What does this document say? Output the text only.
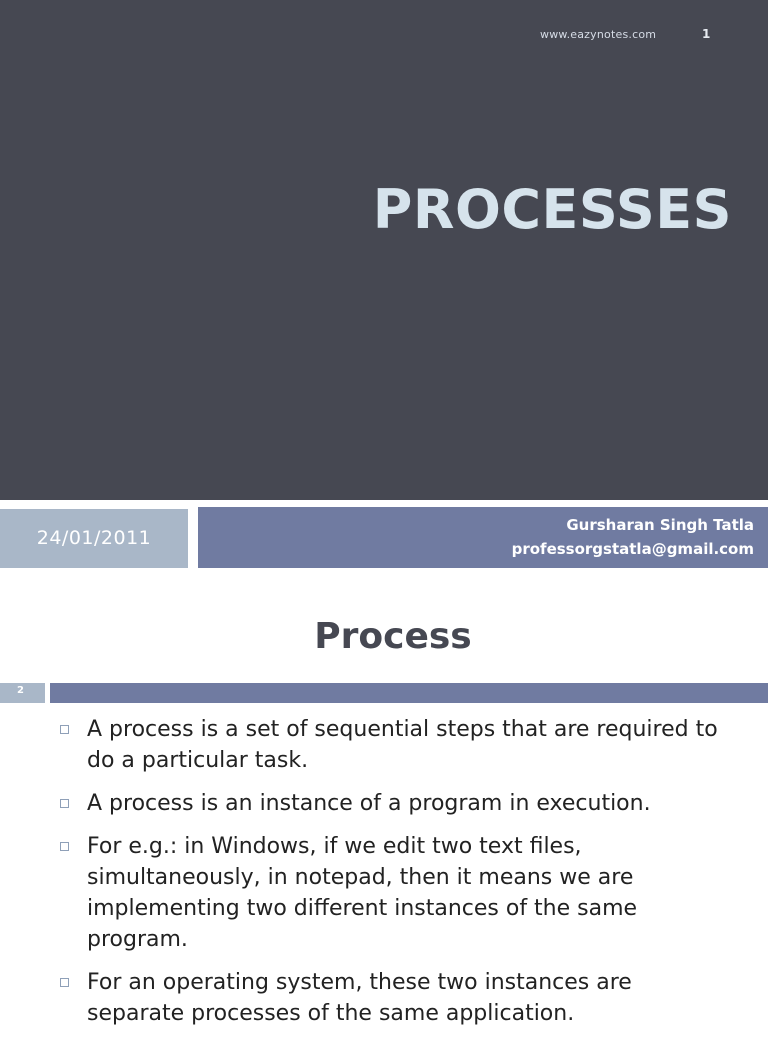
www.eazynotes.com	1
PROCESSES
24/01/2011
Gursharan Singh Tatla
professorgstatla@gmail.com
Process
2
A process is a set of sequential steps that are required to do a particular task.
A process is an instance of a program in execution.
For e.g.: in Windows, if we edit two text files, simultaneously, in notepad, then it means we are implementing two different instances of the same program.
For an operating system, these two instances are separate processes of the same application.
